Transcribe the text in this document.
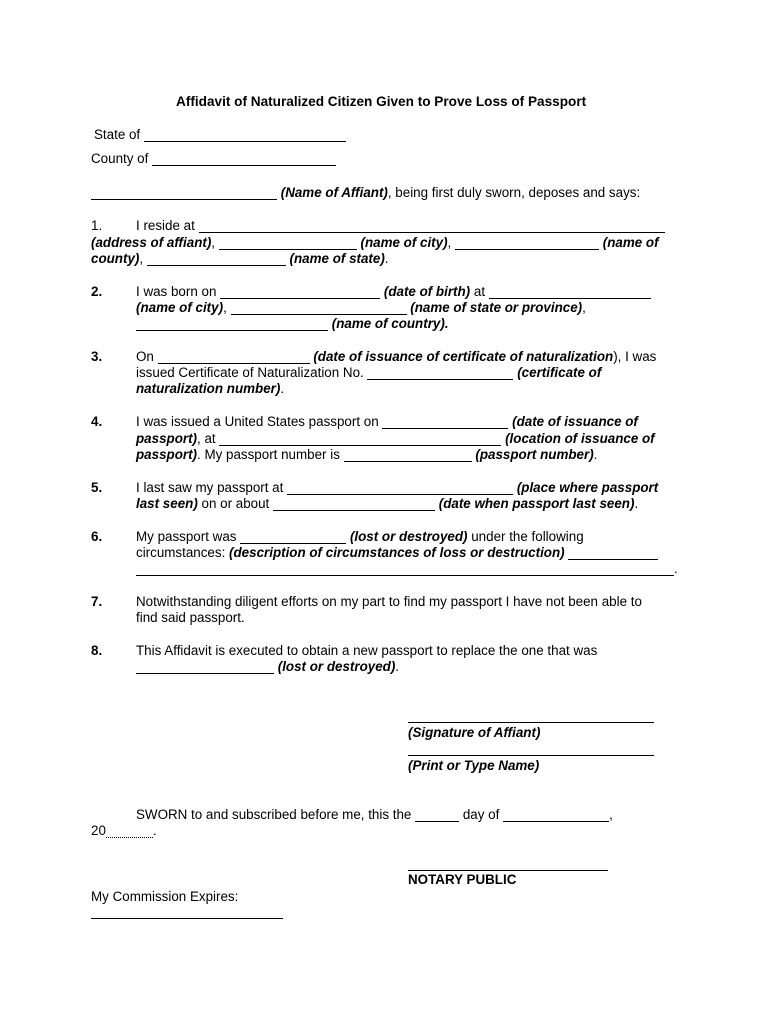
Affidavit of Naturalized Citizen Given to Prove Loss of Passport
State of
County of
(Name of Affiant), being first duly sworn, deposes and says:
1.	I reside at
(address of affiant),	(name of city),	(name of
county),	(name of state).
2.	I was born on	(date of birth) at
(name of city),	(name of state or province),
(name of country).
3.	On	(date of issuance of certificate of naturalization), I was
issued Certificate of Naturalization No.	(certificate of
naturalization number).
4.	I was issued a United States passport on	(date of issuance of
passport), at	(location of issuance of
passport). My passport number is	(passport number).
5.	I last saw my passport at	(place where passport
last seen) on or about	(date when passport last seen).
6.	My passport was	(lost or destroyed) under the following
circumstances: (description of circumstances of loss or destruction)
.
7.	Notwithstanding diligent efforts on my part to find my passport I have not been able to
find said passport.
8.	This Affidavit is executed to obtain a new passport to replace the one that was
(lost or destroyed).
(Signature of Affiant)
(Print or Type Name)
SWORN to and subscribed before me, this the	day of	,
20	.
NOTARY PUBLIC
My Commission Expires:
